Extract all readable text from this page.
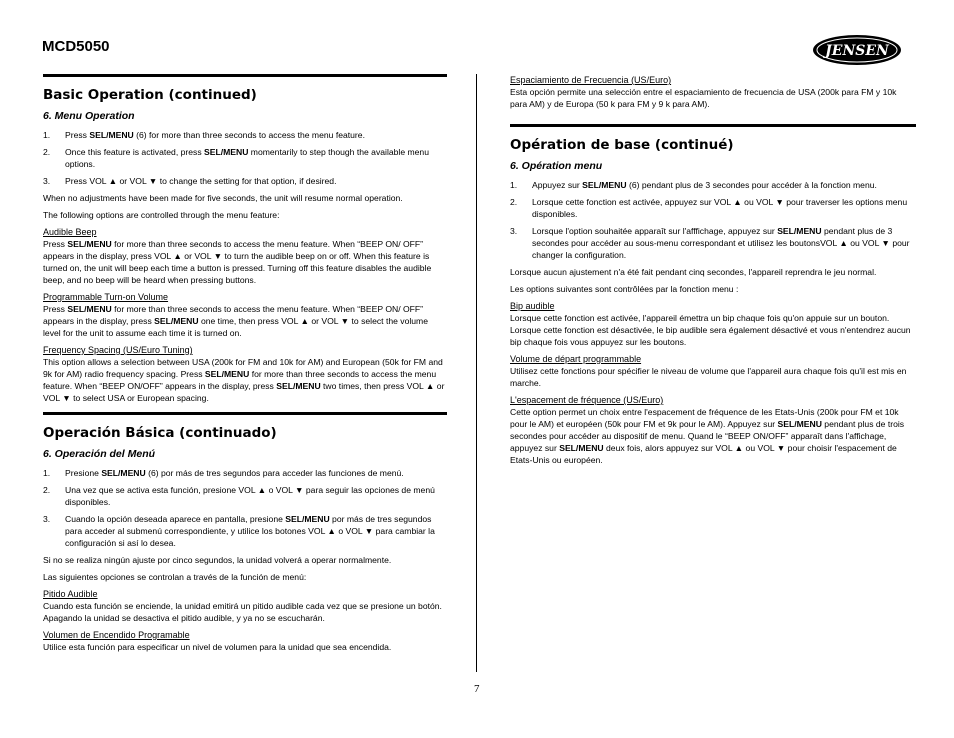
MCD5050	JENSEN
Basic Operation (continued)
6. Menu Operation
1. Press SEL/MENU (6) for more than three seconds to access the menu feature.
2. Once this feature is activated, press SEL/MENU momentarily to step though the available menu options.
3. Press VOL ▲ or VOL ▼ to change the setting for that option, if desired.

When no adjustments have been made for five seconds, the unit will resume normal operation.

The following options are controlled through the menu feature:

Audible Beep

Press SEL/MENU for more than three seconds to access the menu feature. When “BEEP ON/ OFF” appears in the display, press VOL ▲ or VOL ▼ to turn the audible beep on or off. When this feature is turned on, the unit will beep each time a button is pressed. Turning off this feature disables the audible beep, and no beep will be heard when pressing buttons.

Programmable Turn-on Volume

Press SEL/MENU for more than three seconds to access the menu feature. When “BEEP ON/ OFF” appears in the display, press SEL/MENU one time, then press VOL ▲ or VOL ▼ to select the volume level for the unit to assume each time it is turned on.

Frequency Spacing (US/Euro Tuning)

This option allows a selection between USA (200k for FM and 10k for AM) and European (50k for FM and 9k for AM) radio frequency spacing. Press SEL/MENU for more than three seconds to access the menu feature. When “BEEP ON/OFF” appears in the display, press SEL/MENU two times, then press VOL ▲ or VOL ▼ to select USA or European spacing.

Operación Básica (continuado)
6. Operación del Menú
1. Presione SEL/MENU (6) por más de tres segundos para acceder las funciones de menú.
2. Una vez que se activa esta función, presione VOL ▲ o VOL ▼ para seguir las opciones de menú disponibles.
3. Cuando la opción deseada aparece en pantalla, presione SEL/MENU por más de tres segundos para acceder al submenú correspondiente, y utilice los botones VOL ▲ o VOL ▼ para cambiar la configuración si así lo desea.

Si no se realiza ningún ajuste por cinco segundos, la unidad volverá a operar normalmente.

Las siguientes opciones se controlan a través de la función de menú:

Pitido Audible

Cuando esta función se enciende, la unidad emitirá un pitido audible cada vez que se presione un botón. Apagando la unidad se desactiva el pitido audible, y ya no se escucharán.

Volumen de Encendido Programable

Utilice esta función para especificar un nivel de volumen para la unidad que sea encendida.

Espaciamiento de Frecuencia (US/Euro)

Esta opción permite una selección entre el espaciamiento de frecuencia de USA (200k para FM y 10k para AM) y de Europa (50 k para FM y 9 k para AM).

Opération de base (continué)
6. Opération menu
1. Appuyez sur SEL/MENU (6) pendant plus de 3 secondes pour accéder à la fonction menu.
2. Lorsque cette fonction est activée, appuyez sur VOL ▲ ou VOL ▼ pour traverser les options menu disponibles.
3. Lorsque l'option souhaitée apparaît sur l'afffichage, appuyez sur SEL/MENU pendant plus de 3 secondes pour accéder au sous-menu correspondant et utilisez les boutonsVOL ▲ ou VOL ▼ pour changer la configuration.

Lorsque aucun ajustement n'a été fait pendant cinq secondes, l'appareil reprendra le jeu normal.

Les options suivantes sont contrôlées par la fonction menu :

Bip audible

Lorsque cette fonction est activée, l'appareil émettra un bip chaque fois qu'on appuie sur un bouton. Lorsque cette fonction est désactivée, le bip audible sera également désactivé et vous n'entendrez aucun bip chaque fois vous appuyez sur les boutons.

Volume de départ programmable

Utilisez cette fonctions pour spécifier le niveau de volume que l'appareil aura chaque fois qu'il est mis en marche.

L'espacement de fréquence (US/Euro)

Cette option permet un choix entre l'espacement de fréquence de les Etats-Unis (200k pour FM et 10k pour le AM) et européen (50k pour FM et 9k pour le AM). Appuyez sur SEL/MENU pendant plus de trois secondes pour accéder au dispositif de menu. Quand le “BEEP ON/OFF” apparaît dans l'affichage, appuyez sur SEL/MENU deux fois, alors appuyez sur VOL ▲ ou VOL ▼ pour choisir l'espacement de Etats-Unis ou européen.

7
